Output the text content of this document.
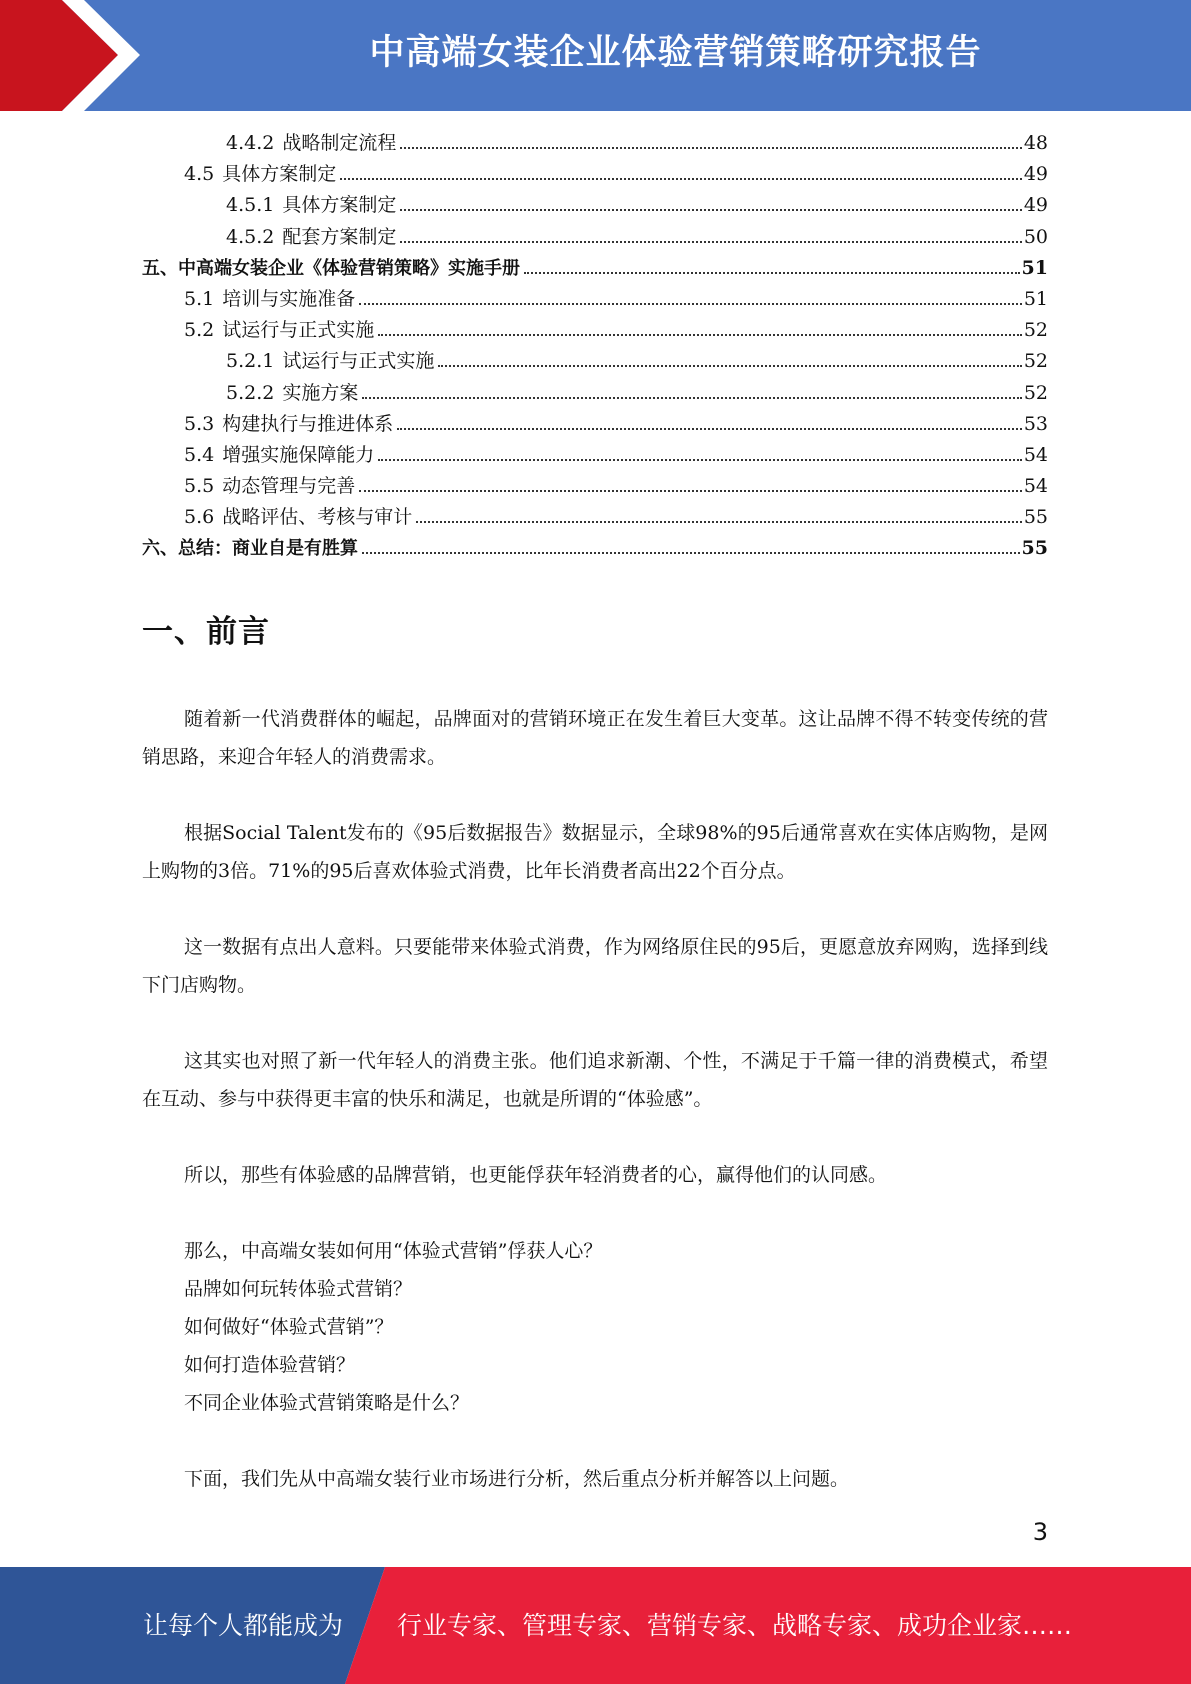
中高端女装企业体验营销策略研究报告
4.4.2 战略制定流程	48
4.5 具体方案制定	49
4.5.1 具体方案制定	49
4.5.2 配套方案制定	50
五、中高端女装企业《体验营销策略》实施手册	51
5.1 培训与实施准备	51
5.2 试运行与正式实施	52
5.2.1 试运行与正式实施	52
5.2.2 实施方案	52
5.3 构建执行与推进体系	53
5.4 增强实施保障能力	54
5.5 动态管理与完善	54
5.6 战略评估、考核与审计	55
六、总结：商业自是有胜算	55
一、前言

随着新一代消费群体的崛起，品牌面对的营销环境正在发生着巨大变革。这让品牌不得不转变传统的营销思路，来迎合年轻人的消费需求。

根据Social Talent发布的《95后数据报告》数据显示，全球98%的95后通常喜欢在实体店购物，是网上购物的3倍。71%的95后喜欢体验式消费，比年长消费者高出22个百分点。

这一数据有点出人意料。只要能带来体验式消费，作为网络原住民的95后，更愿意放弃网购，选择到线下门店购物。

这其实也对照了新一代年轻人的消费主张。他们追求新潮、个性，不满足于千篇一律的消费模式，希望在互动、参与中获得更丰富的快乐和满足，也就是所谓的“体验感”。

所以，那些有体验感的品牌营销，也更能俘获年轻消费者的心，赢得他们的认同感。

那么，中高端女装如何用“体验式营销”俘获人心？
品牌如何玩转体验式营销？
如何做好“体验式营销”？
如何打造体验营销？
不同企业体验式营销策略是什么？

下面，我们先从中高端女装行业市场进行分析，然后重点分析并解答以上问题。

3
让每个人都能成为 行业专家、管理专家、营销专家、战略专家、成功企业家……
